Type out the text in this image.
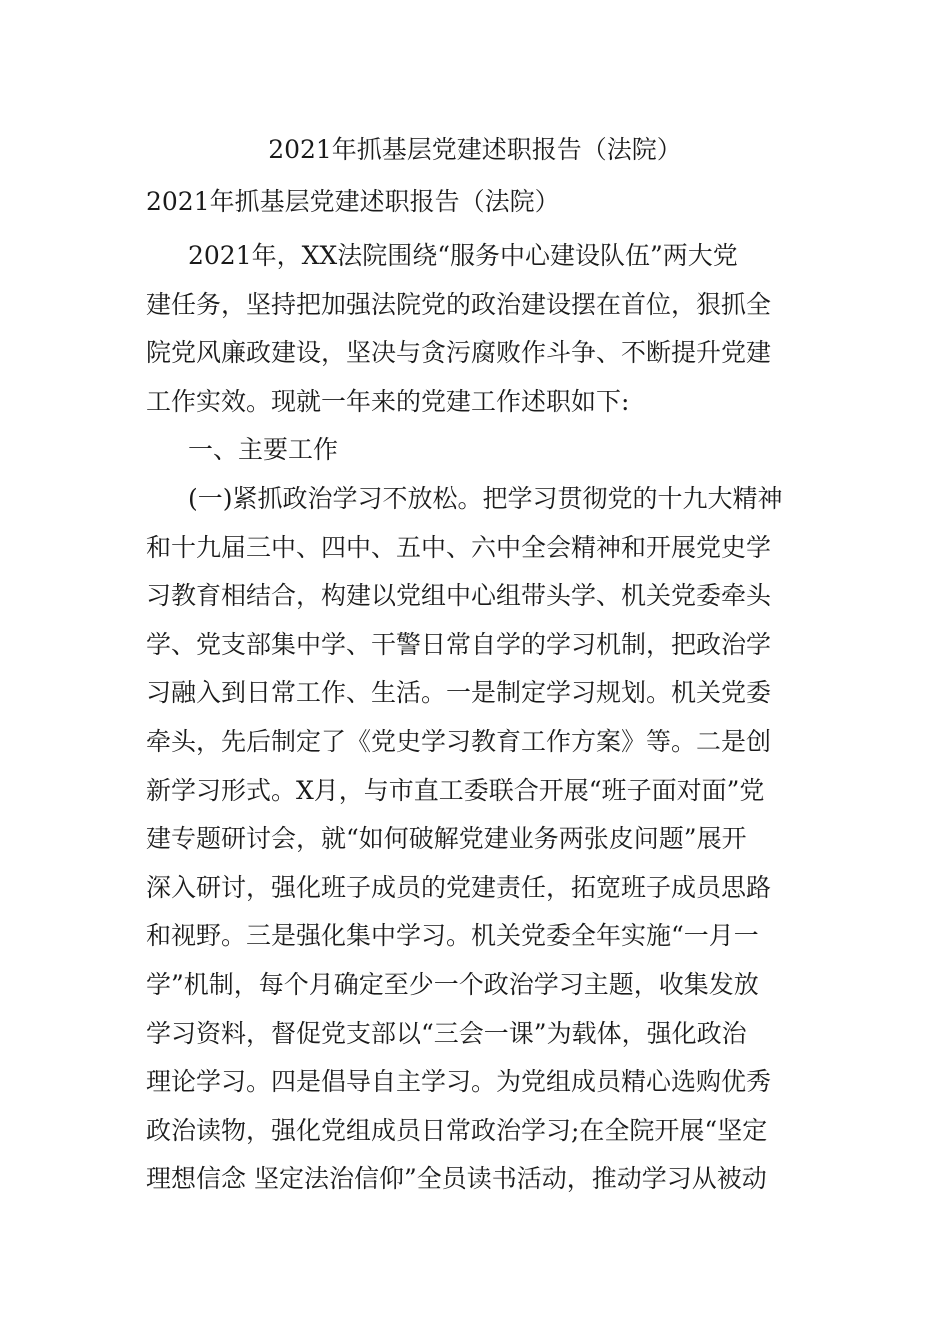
2021年抓基层党建述职报告（法院）
2021年抓基层党建述职报告（法院）
2021年，XX法院围绕“服务中心建设队伍”两大党
建任务，坚持把加强法院党的政治建设摆在首位，狠抓全
院党风廉政建设，坚决与贪污腐败作斗争、不断提升党建
工作实效。现就一年来的党建工作述职如下:
一、主要工作
(一)紧抓政治学习不放松。把学习贯彻党的十九大精神
和十九届三中、四中、五中、六中全会精神和开展党史学
习教育相结合，构建以党组中心组带头学、机关党委牵头
学、党支部集中学、干警日常自学的学习机制，把政治学
习融入到日常工作、生活。一是制定学习规划。机关党委
牵头，先后制定了《党史学习教育工作方案》等。二是创
新学习形式。X月，与市直工委联合开展“班子面对面”党
建专题研讨会，就“如何破解党建业务两张皮问题”展开
深入研讨，强化班子成员的党建责任，拓宽班子成员思路
和视野。三是强化集中学习。机关党委全年实施“一月一
学”机制，每个月确定至少一个政治学习主题，收集发放
学习资料，督促党支部以“三会一课”为载体，强化政治
理论学习。四是倡导自主学习。为党组成员精心选购优秀
政治读物，强化党组成员日常政治学习;在全院开展“坚定
理想信念 坚定法治信仰”全员读书活动，推动学习从被动
